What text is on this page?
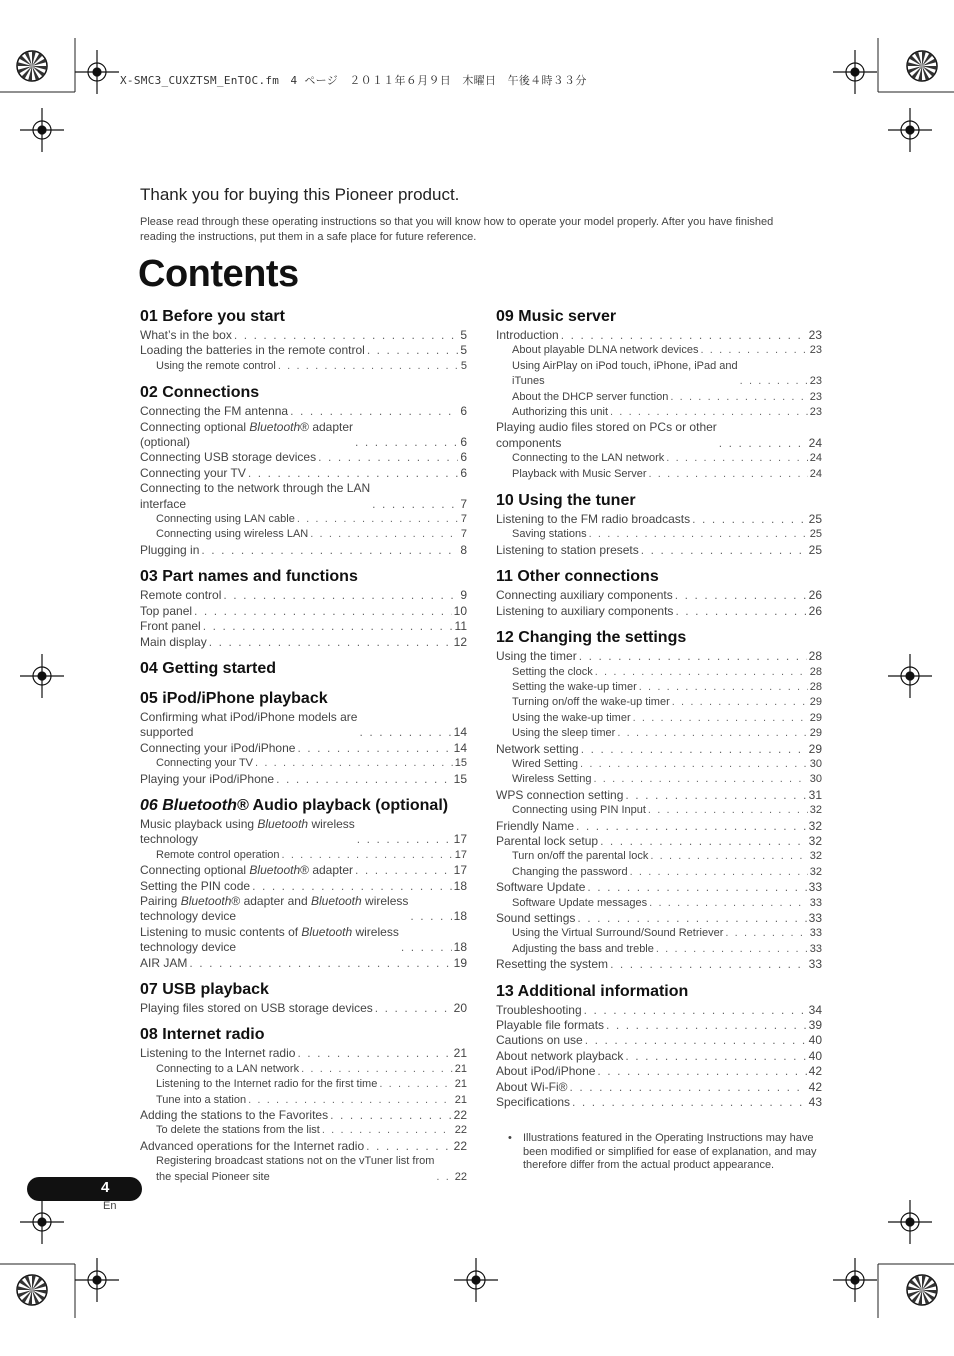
X-SMC3_CUXZTSM_EnTOC.fm　4 ページ　２０１１年６月９日　木曜日　午後４時３３分
Thank you for buying this Pioneer product.
Please read through these operating instructions so that you will know how to operate your model properly. After you have finished reading the instructions, put them in a safe place for future reference.
Contents
01 Before you start
What’s in the box . . .	5
Loading the batteries in the remote control . . .	5
Using the remote control . . .	5
02 Connections
Connecting the FM antenna . . .	6
Connecting optional Bluetooth® adapter
(optional) . . .	6
Connecting USB storage devices . . .	6
Connecting your TV . . .	6
Connecting to the network through the LAN
interface . . .	7
Connecting using LAN cable . . .	7
Connecting using wireless LAN . . .	7
Plugging in . . .	8
03 Part names and functions
Remote control . . .	9
Top panel . . .	10
Front panel . . .	11
Main display . . .	12
04 Getting started
05 iPod/iPhone playback
Confirming what iPod/iPhone models are
supported . . .	14
Connecting your iPod/iPhone . . .	14
Connecting your TV . . .	15
Playing your iPod/iPhone . . .	15
06 Bluetooth® Audio playback (optional)
Music playback using Bluetooth wireless
technology . . .	17
Remote control operation . . .	17
Connecting optional Bluetooth® adapter . . .	17
Setting the PIN code . . .	18
Pairing Bluetooth® adapter and Bluetooth wireless
technology device . . .	18
Listening to music contents of Bluetooth wireless
technology device . . .	18
AIR JAM . . .	19
07 USB playback
Playing files stored on USB storage devices . . .	20
08 Internet radio
Listening to the Internet radio . . .	21
Connecting to a LAN network . . .	21
Listening to the Internet radio for the first time . . .	21
Tune into a station . . .	21
Adding the stations to the Favorites . . .	22
To delete the stations from the list . . .	22
Advanced operations for the Internet radio . . .	22
Registering broadcast stations not on the vTuner list from
the special Pioneer site . . .	22
09 Music server
Introduction . . .	23
About playable DLNA network devices . . .	23
Using AirPlay on iPod touch, iPhone, iPad and
iTunes . . .	23
About the DHCP server function . . .	23
Authorizing this unit . . .	23
Playing audio files stored on PCs or other
components . . .	24
Connecting to the LAN network . . .	24
Playback with Music Server . . .	24
10 Using the tuner
Listening to the FM radio broadcasts . . .	25
Saving stations . . .	25
Listening to station presets . . .	25
11 Other connections
Connecting auxiliary components . . .	26
Listening to auxiliary components . . .	26
12 Changing the settings
Using the timer . . .	28
Setting the clock . . .	28
Setting the wake-up timer . . .	28
Turning on/off the wake-up timer . . .	29
Using the wake-up timer . . .	29
Using the sleep timer . . .	29
Network setting . . .	29
Wired Setting . . .	30
Wireless Setting . . .	30
WPS connection setting . . .	31
Connecting using PIN Input . . .	32
Friendly Name . . .	32
Parental lock setup . . .	32
Turn on/off the parental lock . . .	32
Changing the password . . .	32
Software Update . . .	33
Software Update messages . . .	33
Sound settings . . .	33
Using the Virtual Surround/Sound Retriever . . .	33
Adjusting the bass and treble . . .	33
Resetting the system . . .	33
13 Additional information
Troubleshooting . . .	34
Playable file formats . . .	39
Cautions on use . . .	40
About network playback . . .	40
About iPod/iPhone . . .	42
About Wi-Fi® . . .	42
Specifications . . .	43
•	Illustrations featured in the Operating Instructions may have been modified or simplified for ease of explanation, and may therefore differ from the actual product appearance.
4
En
